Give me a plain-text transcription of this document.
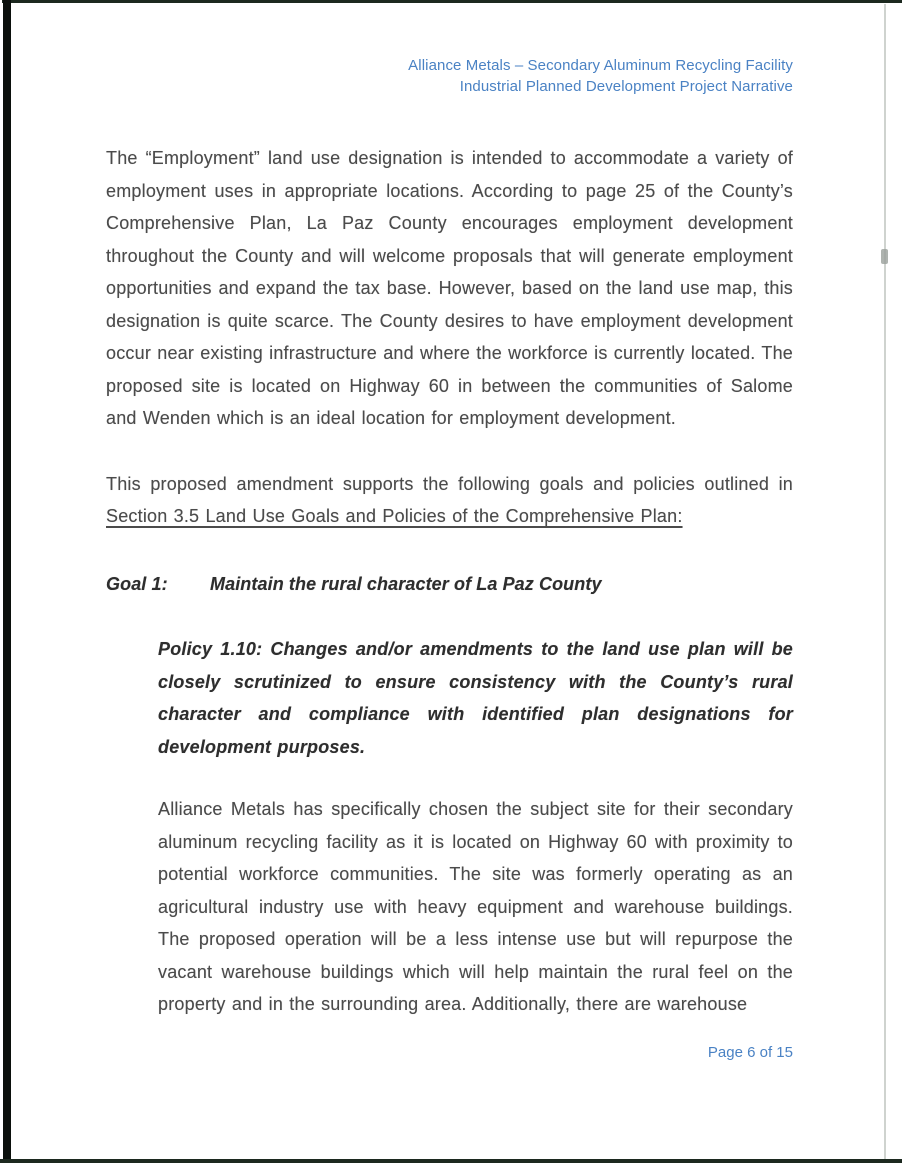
Alliance Metals – Secondary Aluminum Recycling Facility
Industrial Planned Development Project Narrative
The “Employment” land use designation is intended to accommodate a variety of employment uses in appropriate locations. According to page 25 of the County’s Comprehensive Plan, La Paz County encourages employment development throughout the County and will welcome proposals that will generate employment opportunities and expand the tax base. However, based on the land use map, this designation is quite scarce. The County desires to have employment development occur near existing infrastructure and where the workforce is currently located. The proposed site is located on Highway 60 in between the communities of Salome and Wenden which is an ideal location for employment development.
This proposed amendment supports the following goals and policies outlined in Section 3.5 Land Use Goals and Policies of the Comprehensive Plan:
Goal 1:	Maintain the rural character of La Paz County
Policy 1.10: Changes and/or amendments to the land use plan will be closely scrutinized to ensure consistency with the County’s rural character and compliance with identified plan designations for development purposes.
Alliance Metals has specifically chosen the subject site for their secondary aluminum recycling facility as it is located on Highway 60 with proximity to potential workforce communities. The site was formerly operating as an agricultural industry use with heavy equipment and warehouse buildings. The proposed operation will be a less intense use but will repurpose the vacant warehouse buildings which will help maintain the rural feel on the property and in the surrounding area. Additionally, there are warehouse
Page 6 of 15
